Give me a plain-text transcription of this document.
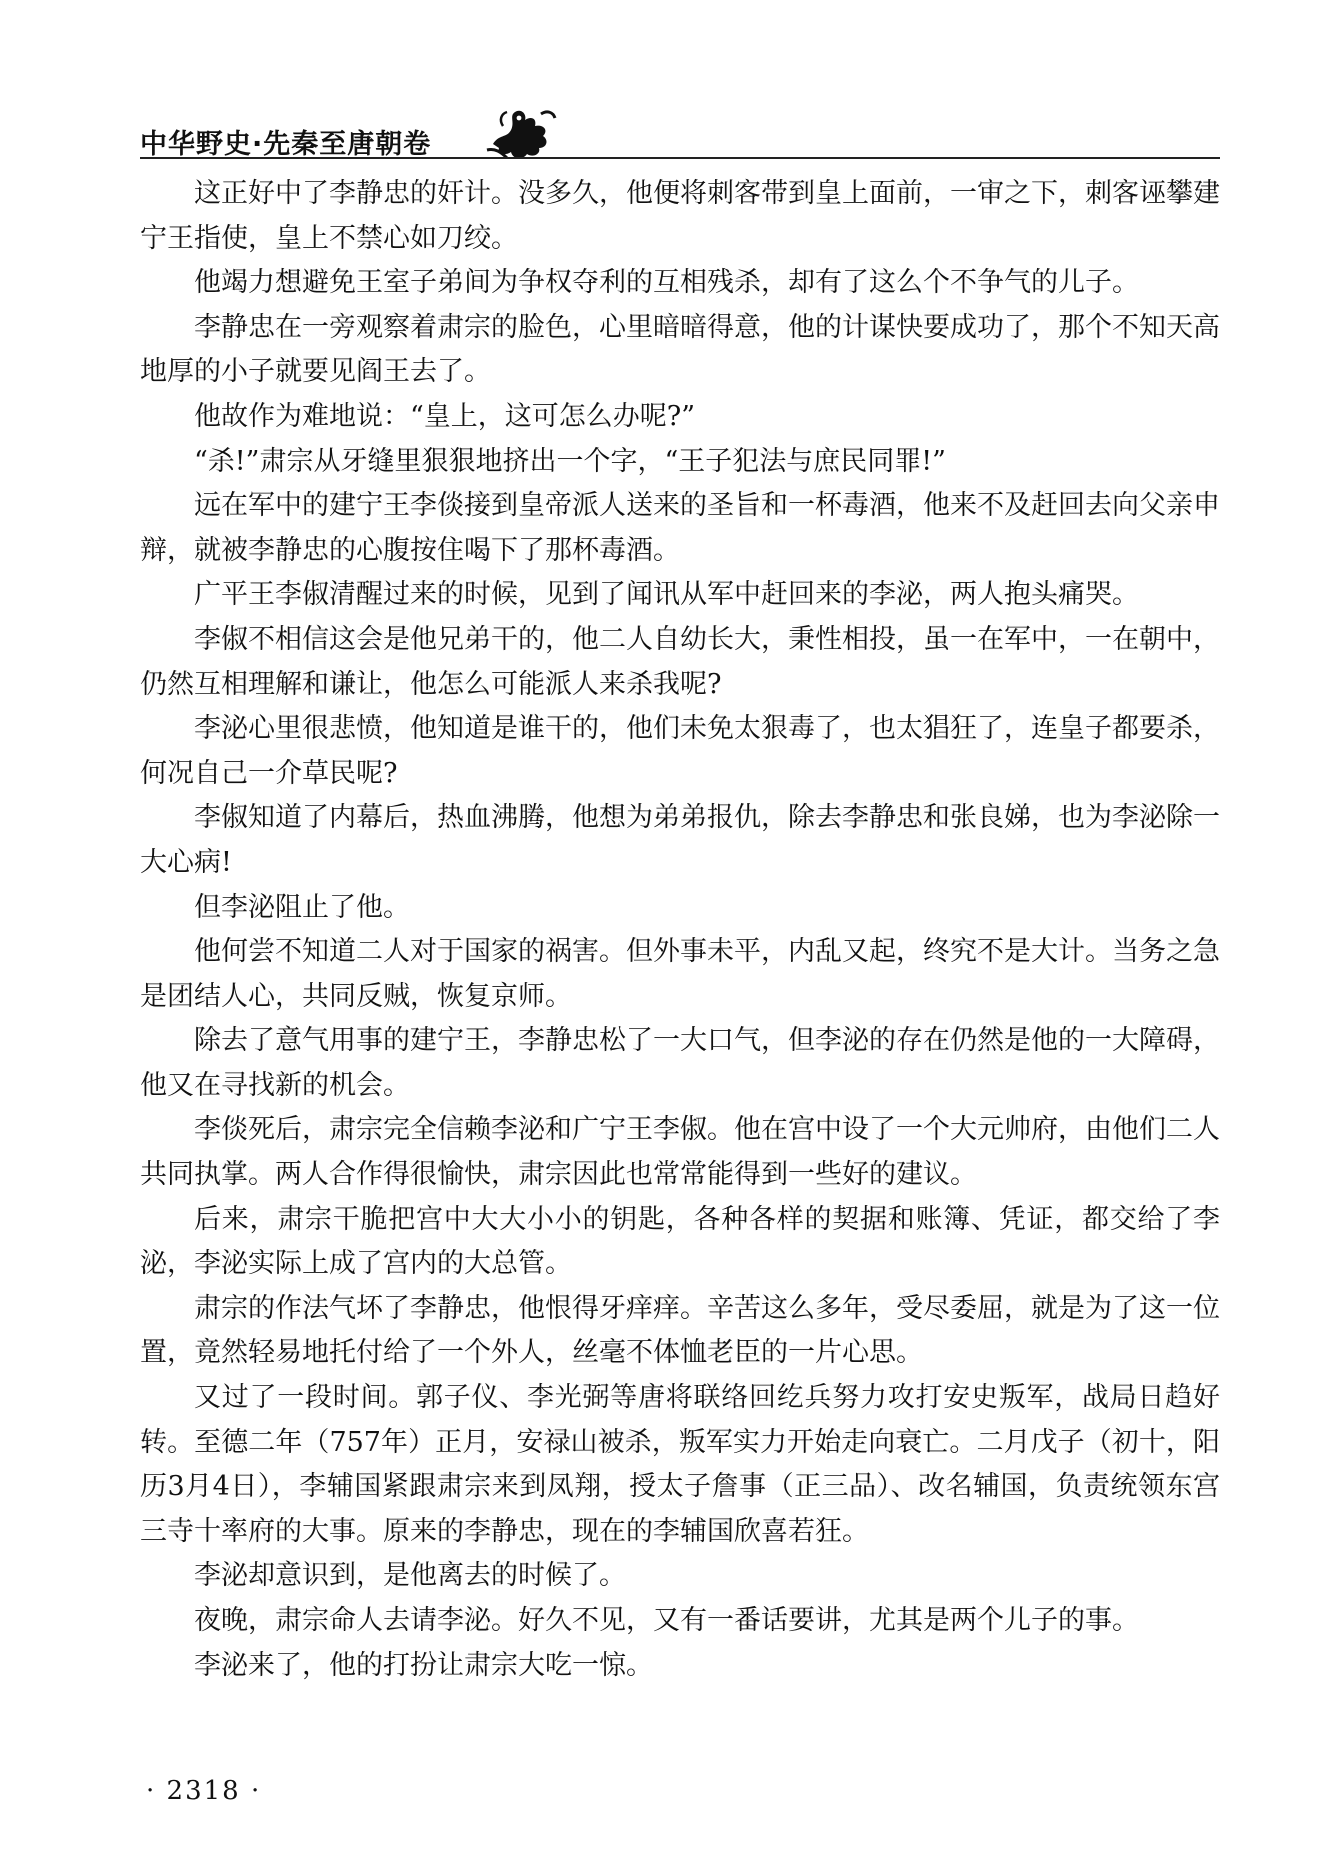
中华野史·先秦至唐朝卷

这正好中了李静忠的奸计。没多久，他便将刺客带到皇上面前，一审之下，刺客诬攀建宁王指使，皇上不禁心如刀绞。

他竭力想避免王室子弟间为争权夺利的互相残杀，却有了这么个不争气的儿子。

李静忠在一旁观察着肃宗的脸色，心里暗暗得意，他的计谋快要成功了，那个不知天高地厚的小子就要见阎王去了。

他故作为难地说：“皇上，这可怎么办呢?”

“杀!”肃宗从牙缝里狠狠地挤出一个字，“王子犯法与庶民同罪!”

远在军中的建宁王李倓接到皇帝派人送来的圣旨和一杯毒酒，他来不及赶回去向父亲申辩，就被李静忠的心腹按住喝下了那杯毒酒。

广平王李俶清醒过来的时候，见到了闻讯从军中赶回来的李泌，两人抱头痛哭。

李俶不相信这会是他兄弟干的，他二人自幼长大，秉性相投，虽一在军中，一在朝中，仍然互相理解和谦让，他怎么可能派人来杀我呢?

李泌心里很悲愤，他知道是谁干的，他们未免太狠毒了，也太猖狂了，连皇子都要杀，何况自己一介草民呢?

李俶知道了内幕后，热血沸腾，他想为弟弟报仇，除去李静忠和张良娣，也为李泌除一大心病!

但李泌阻止了他。

他何尝不知道二人对于国家的祸害。但外事未平，内乱又起，终究不是大计。当务之急是团结人心，共同反贼，恢复京师。

除去了意气用事的建宁王，李静忠松了一大口气，但李泌的存在仍然是他的一大障碍，他又在寻找新的机会。

李倓死后，肃宗完全信赖李泌和广宁王李俶。他在宫中设了一个大元帅府，由他们二人共同执掌。两人合作得很愉快，肃宗因此也常常能得到一些好的建议。

后来，肃宗干脆把宫中大大小小的钥匙，各种各样的契据和账簿、凭证，都交给了李泌，李泌实际上成了宫内的大总管。

肃宗的作法气坏了李静忠，他恨得牙痒痒。辛苦这么多年，受尽委屈，就是为了这一位置，竟然轻易地托付给了一个外人，丝毫不体恤老臣的一片心思。

又过了一段时间。郭子仪、李光弼等唐将联络回纥兵努力攻打安史叛军，战局日趋好转。至德二年（757年）正月，安禄山被杀，叛军实力开始走向衰亡。二月戊子（初十，阳历3月4日），李辅国紧跟肃宗来到凤翔，授太子詹事（正三品）、改名辅国，负责统领东宫三寺十率府的大事。原来的李静忠，现在的李辅国欣喜若狂。

李泌却意识到，是他离去的时候了。

夜晚，肃宗命人去请李泌。好久不见，又有一番话要讲，尤其是两个儿子的事。

李泌来了，他的打扮让肃宗大吃一惊。

· 2318 ·
